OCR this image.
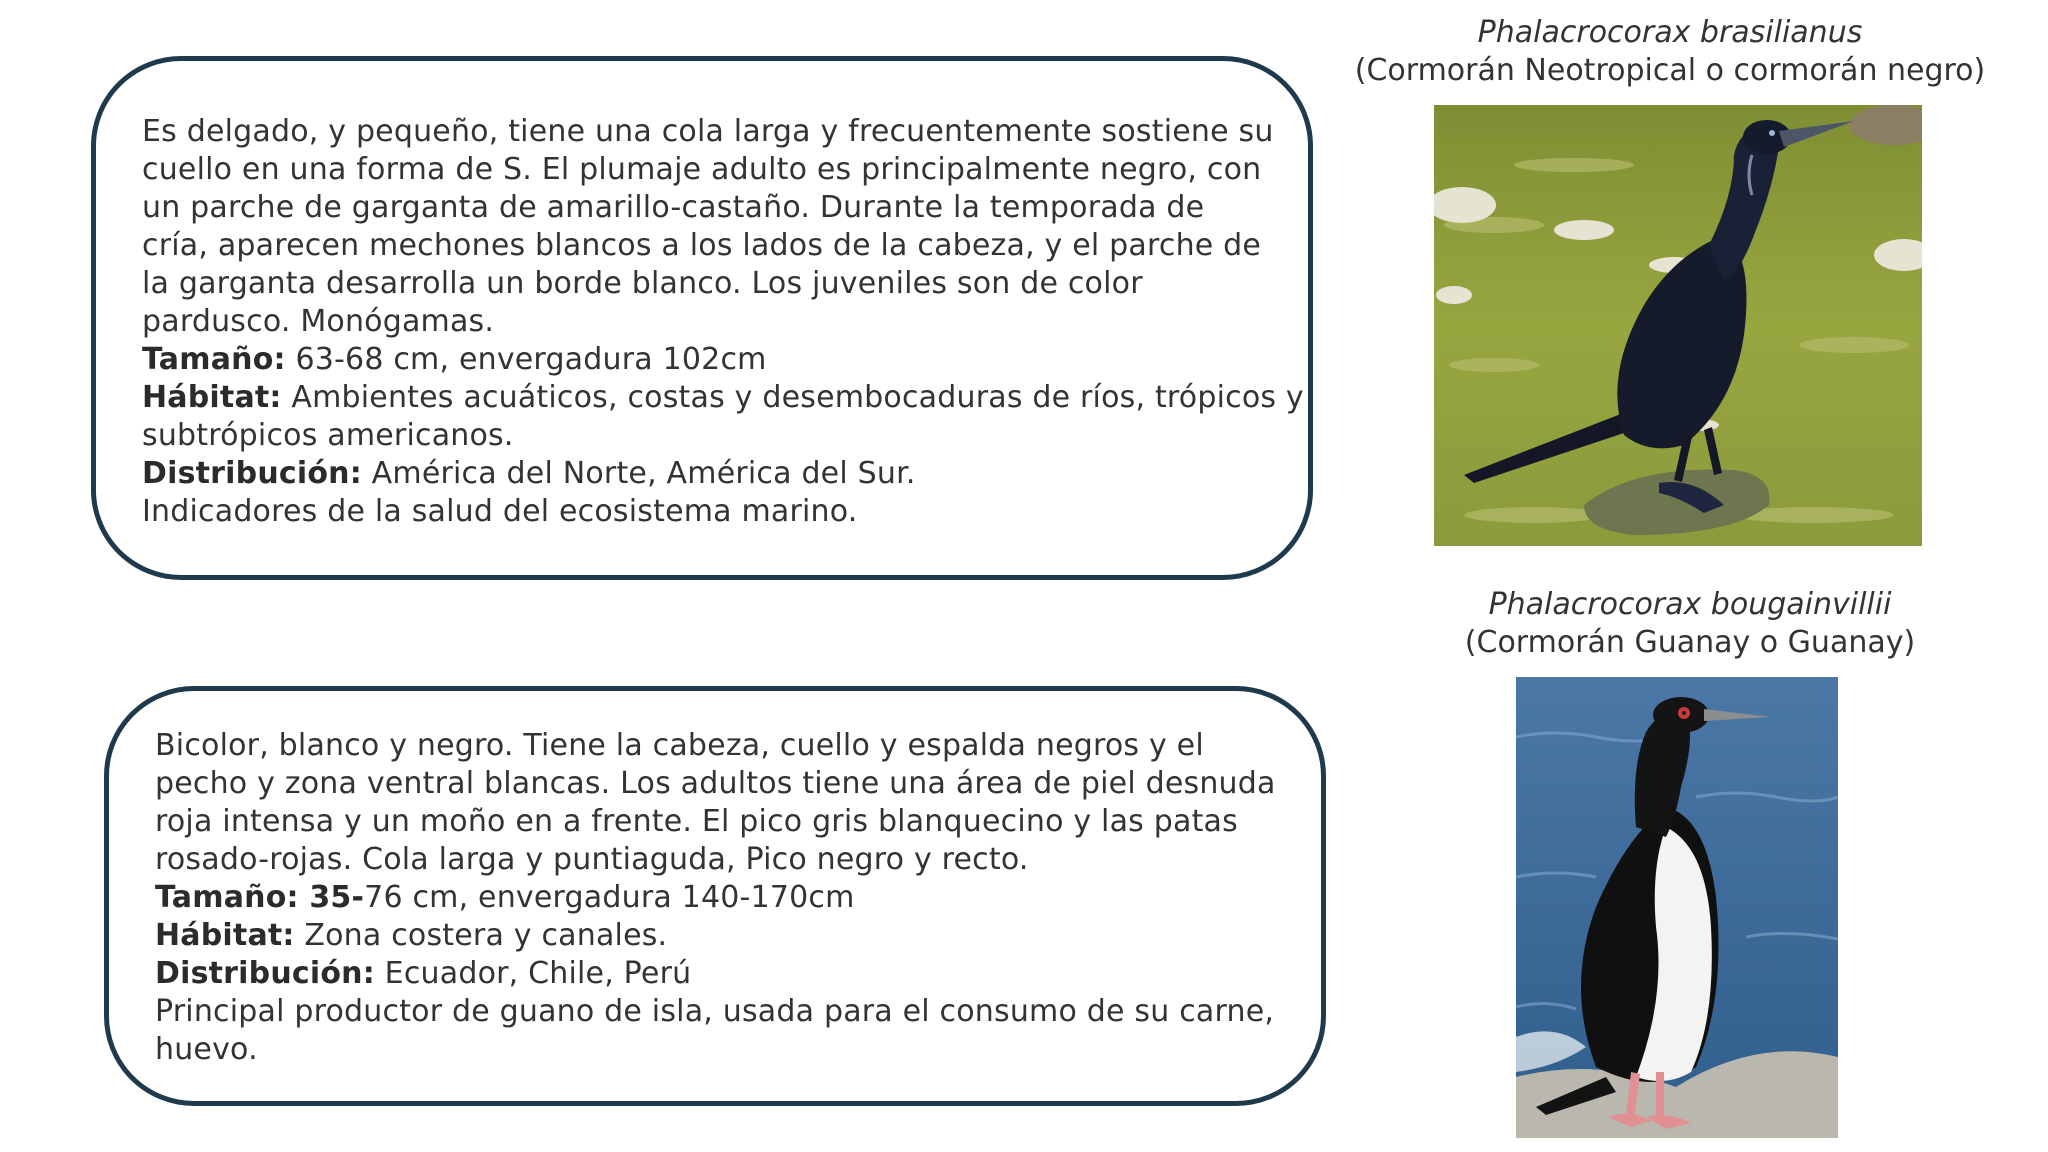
Es delgado, y pequeño, tiene una cola larga y frecuentemente sostiene su
cuello en una forma de S. El plumaje adulto es principalmente negro, con
un parche de garganta de amarillo-castaño. Durante la temporada de
cría, aparecen mechones blancos a los lados de la cabeza, y el parche de
la garganta desarrolla un borde blanco. Los juveniles son de color
pardusco. Monógamas.
Tamaño: 63-68 cm, envergadura 102cm
Hábitat: Ambientes acuáticos, costas y desembocaduras de ríos, trópicos y
subtrópicos americanos.
Distribución: América del Norte, América del Sur.
Indicadores de la salud del ecosistema marino.
Bicolor, blanco y negro. Tiene la cabeza, cuello y espalda negros y el
pecho y zona ventral blancas. Los adultos tiene una área de piel desnuda
roja intensa y un moño en a frente. El pico gris blanquecino y las patas
rosado-rojas. Cola larga y puntiaguda, Pico negro y recto.
Tamaño: 35-76 cm, envergadura 140-170cm
Hábitat: Zona costera y canales.
Distribución: Ecuador, Chile, Perú
Principal productor de guano de isla, usada para el consumo de su carne,
huevo.
Phalacrocorax brasilianus
(Cormorán Neotropical o cormorán negro)
Phalacrocorax bougainvillii
(Cormorán Guanay o Guanay)
